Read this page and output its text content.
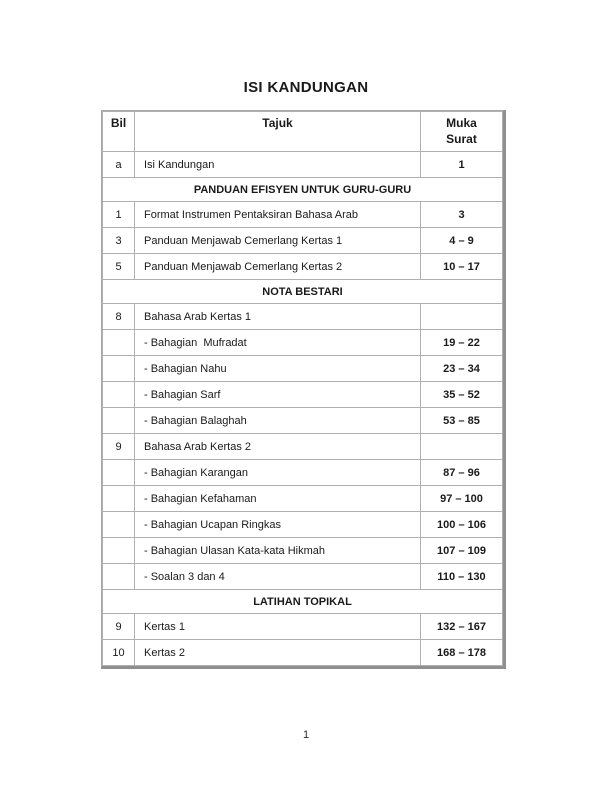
ISI KANDUNGAN
Bil	Tajuk	Muka Surat
a	Isi Kandungan	1
PANDUAN EFISYEN UNTUK GURU-GURU		
1	Format Instrumen Pentaksiran Bahasa Arab	3
3	Panduan Menjawab Cemerlang Kertas 1	4 – 9
5	Panduan Menjawab Cemerlang Kertas 2	10 – 17
NOTA BESTARI		
8	Bahasa Arab Kertas 1	
	- Bahagian  Mufradat	19 – 22
	- Bahagian Nahu	23 – 34
	- Bahagian Sarf	35 – 52
	- Bahagian Balaghah	53 – 85
9	Bahasa Arab Kertas 2	
	- Bahagian Karangan	87 – 96
	- Bahagian Kefahaman	97 – 100
	- Bahagian Ucapan Ringkas	100 – 106
	- Bahagian Ulasan Kata-kata Hikmah	107 – 109
	- Soalan 3 dan 4	110 – 130
LATIHAN TOPIKAL		
9	Kertas 1	132 – 167
10	Kertas 2	168 – 178
1
